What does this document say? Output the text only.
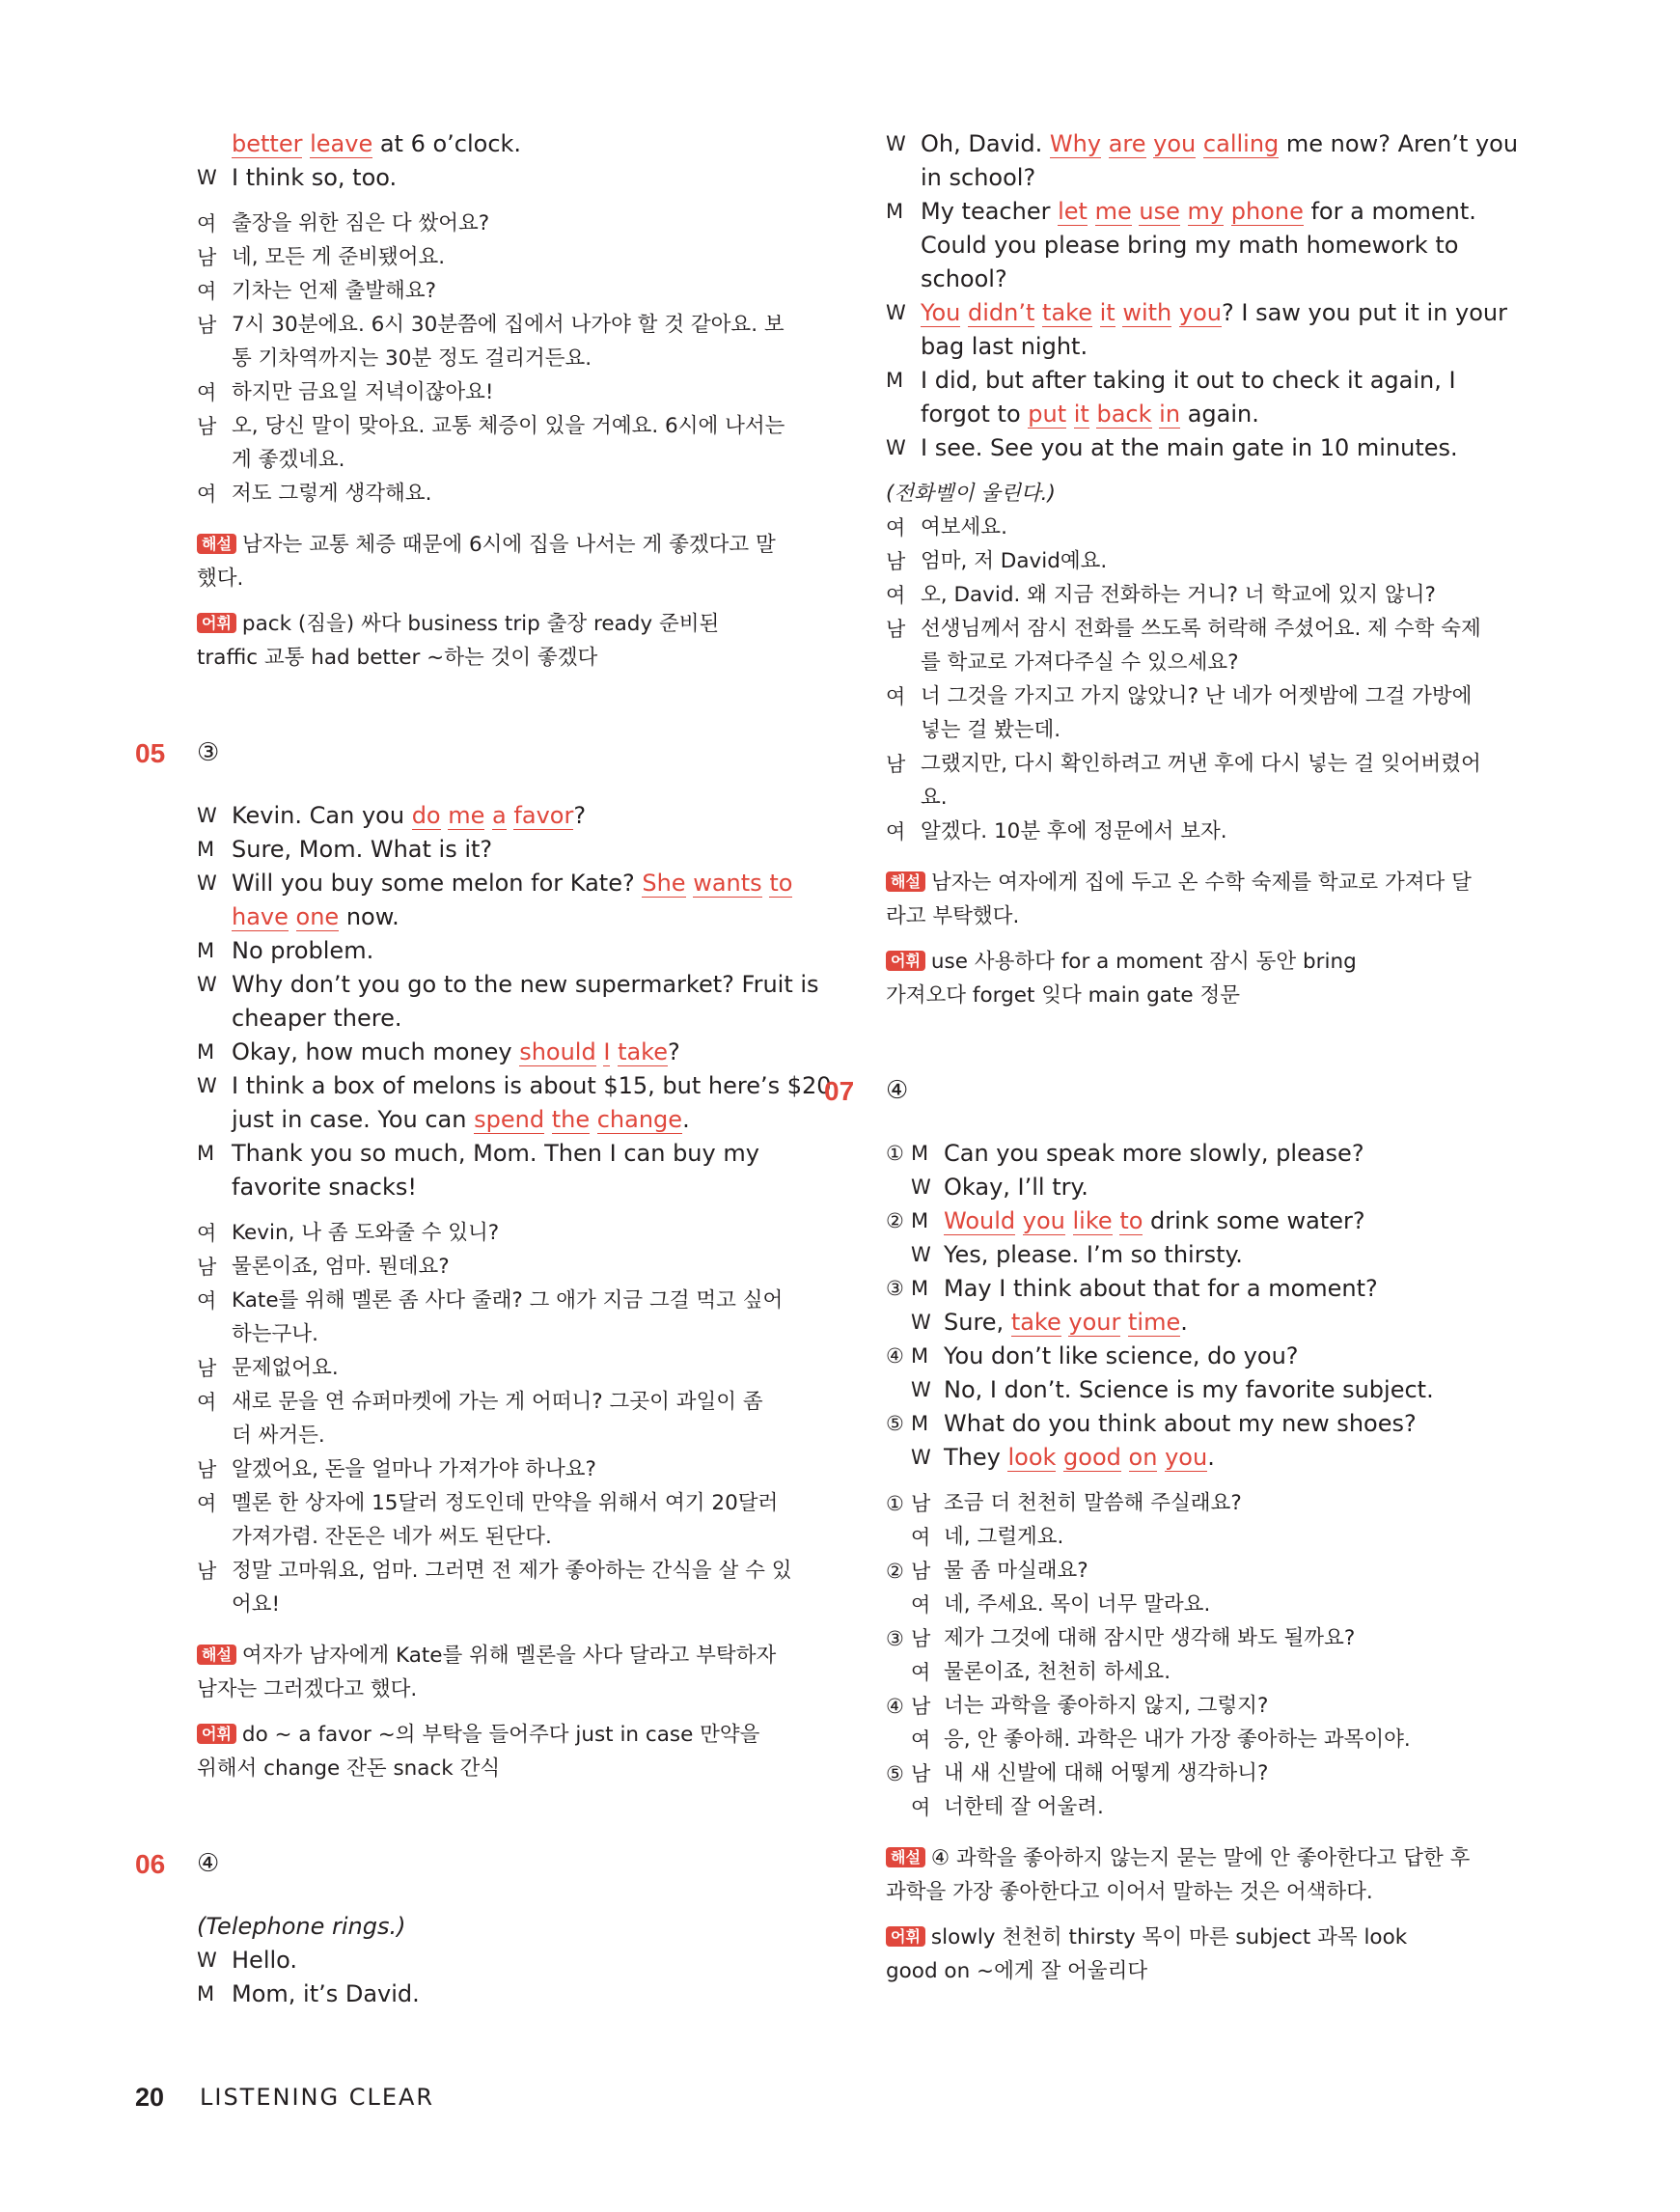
better leave at 6 o’clock.
W I think so, too.
여 출장을 위한 짐은 다 쌌어요?
남 네, 모든 게 준비됐어요.
여 기차는 언제 출발해요?
남 7시 30분에요. 6시 30분쯤에 집에서 나가야 할 것 같아요. 보
통 기차역까지는 30분 정도 걸리거든요.
여 하지만 금요일 저녁이잖아요!
남 오, 당신 말이 맞아요. 교통 체증이 있을 거예요. 6시에 나서는
게 좋겠네요.
여 저도 그렇게 생각해요.
해설 남자는 교통 체증 때문에 6시에 집을 나서는 게 좋겠다고 말
했다.
어휘 pack (짐을) 싸다 business trip 출장 ready 준비된
traffic 교통 had better ~하는 것이 좋겠다
05 ③
W Kevin. Can you do me a favor?
M Sure, Mom. What is it?
W Will you buy some melon for Kate? She wants to
have one now.
M No problem.
W Why don’t you go to the new supermarket? Fruit is
cheaper there.
M Okay, how much money should I take?
W I think a box of melons is about $15, but here’s $20
just in case. You can spend the change.
M Thank you so much, Mom. Then I can buy my
favorite snacks!
여 Kevin, 나 좀 도와줄 수 있니?
남 물론이죠, 엄마. 뭔데요?
여 Kate를 위해 멜론 좀 사다 줄래? 그 애가 지금 그걸 먹고 싶어
하는구나.
남 문제없어요.
여 새로 문을 연 슈퍼마켓에 가는 게 어떠니? 그곳이 과일이 좀
더 싸거든.
남 알겠어요, 돈을 얼마나 가져가야 하나요?
여 멜론 한 상자에 15달러 정도인데 만약을 위해서 여기 20달러
가져가렴. 잔돈은 네가 써도 된단다.
남 정말 고마워요, 엄마. 그러면 전 제가 좋아하는 간식을 살 수 있
어요!
해설 여자가 남자에게 Kate를 위해 멜론을 사다 달라고 부탁하자
남자는 그러겠다고 했다.
어휘 do ~ a favor ~의 부탁을 들어주다 just in case 만약을
위해서 change 잔돈 snack 간식
06 ④
(Telephone rings.)
W Hello.
M Mom, it’s David.
W Oh, David. Why are you calling me now? Aren’t you
in school?
M My teacher let me use my phone for a moment.
Could you please bring my math homework to
school?
W You didn’t take it with you? I saw you put it in your
bag last night.
M I did, but after taking it out to check it again, I
forgot to put it back in again.
W I see. See you at the main gate in 10 minutes.
(전화벨이 울린다.)
여 여보세요.
남 엄마, 저 David예요.
여 오, David. 왜 지금 전화하는 거니? 너 학교에 있지 않니?
남 선생님께서 잠시 전화를 쓰도록 허락해 주셨어요. 제 수학 숙제
를 학교로 가져다주실 수 있으세요?
여 너 그것을 가지고 가지 않았니? 난 네가 어젯밤에 그걸 가방에
넣는 걸 봤는데.
남 그랬지만, 다시 확인하려고 꺼낸 후에 다시 넣는 걸 잊어버렸어
요.
여 알겠다. 10분 후에 정문에서 보자.
해설 남자는 여자에게 집에 두고 온 수학 숙제를 학교로 가져다 달
라고 부탁했다.
어휘 use 사용하다 for a moment 잠시 동안 bring
가져오다 forget 잊다 main gate 정문
07 ④
① M Can you speak more slowly, please?
W Okay, I’ll try.
② M Would you like to drink some water?
W Yes, please. I’m so thirsty.
③ M May I think about that for a moment?
W Sure, take your time.
④ M You don’t like science, do you?
W No, I don’t. Science is my favorite subject.
⑤ M What do you think about my new shoes?
W They look good on you.
① 남 조금 더 천천히 말씀해 주실래요?
여 네, 그럴게요.
② 남 물 좀 마실래요?
여 네, 주세요. 목이 너무 말라요.
③ 남 제가 그것에 대해 잠시만 생각해 봐도 될까요?
여 물론이죠, 천천히 하세요.
④ 남 너는 과학을 좋아하지 않지, 그렇지?
여 응, 안 좋아해. 과학은 내가 가장 좋아하는 과목이야.
⑤ 남 내 새 신발에 대해 어떻게 생각하니?
여 너한테 잘 어울려.
해설 ④ 과학을 좋아하지 않는지 묻는 말에 안 좋아한다고 답한 후
과학을 가장 좋아한다고 이어서 말하는 것은 어색하다.
어휘 slowly 천천히 thirsty 목이 마른 subject 과목 look
good on ~에게 잘 어울리다
20 LISTENING CLEAR
